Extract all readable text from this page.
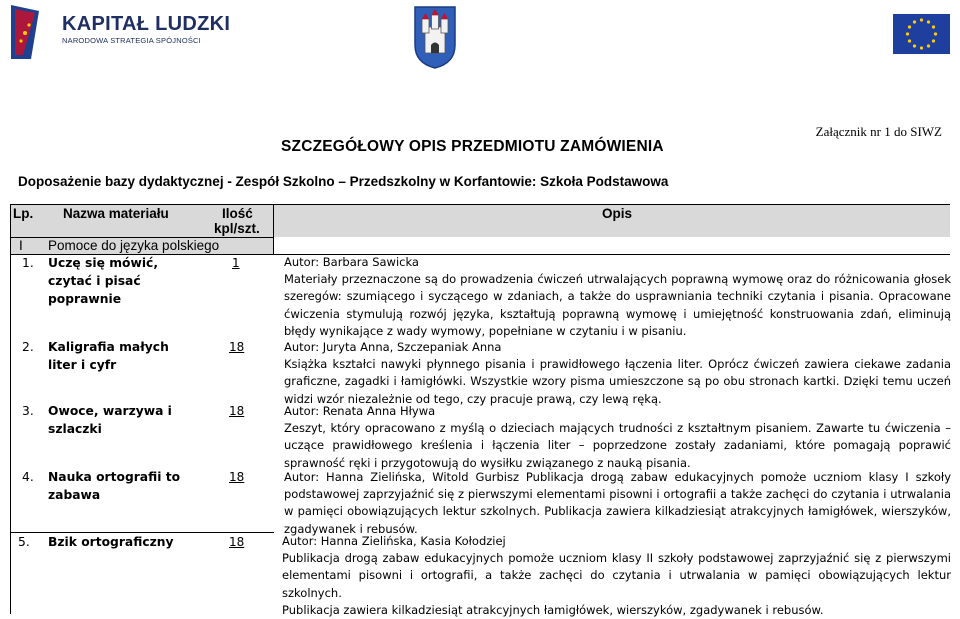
KAPITAŁ LUDZKI
NARODOWA STRATEGIA SPÓJNOŚCI
Załącznik nr 1 do SIWZ
SZCZEGÓŁOWY OPIS PRZEDMIOTU ZAMÓWIENIA
Doposażenie bazy dydaktycznej - Zespół Szkolno – Przedszkolny w Korfantowie: Szkoła Podstawowa
Lp. Nazwa materiału	Ilość
kpl/szt.
Opis
I Pomoce do języka polskiego
1. Uczę się mówić,
czytać i pisać
poprawnie
1	Autor: Barbara Sawicka

Materiały przeznaczone są do prowadzenia ćwiczeń utrwalających poprawną wymowę oraz do różnicowania głosek szeregów: szumiącego i syczącego w zdaniach, a także do usprawniania techniki czytania i pisania. Opracowane ćwiczenia stymulują rozwój języka, kształtują poprawną wymowę i umiejętność konstruowania zdań, eliminują błędy wynikające z wady wymowy, popełniane w czytaniu i w pisaniu.

2. Kaligrafia małych
liter i cyfr
18	Autor: Juryta Anna, Szczepaniak Anna

Książka kształci nawyki płynnego pisania i prawidłowego łączenia liter. Oprócz ćwiczeń zawiera ciekawe zadania graficzne, zagadki i łamigłówki. Wszystkie wzory pisma umieszczone są po obu stronach kartki. Dzięki temu uczeń widzi wzór niezależnie od tego, czy pracuje prawą, czy lewą ręką.

3. Owoce, warzywa i
szlaczki
18	Autor: Renata Anna Hływa

Zeszyt, który opracowano z myślą o dzieciach mających trudności z kształtnym pisaniem. Zawarte tu ćwiczenia – uczące prawidłowego kreślenia i łączenia liter – poprzedzone zostały zadaniami, które pomagają poprawić sprawność ręki i przygotowują do wysiłku związanego z nauką pisania.

4. Nauka ortografii to
zabawa
18	Autor: Hanna Zielińska, Witold Gurbisz Publikacja drogą zabaw edukacyjnych pomoże uczniom klasy I szkoły podstawowej zaprzyjaźnić się z pierwszymi elementami pisowni i ortografii a także zachęci do czytania i utrwalania w pamięci obowiązujących lektur szkolnych. Publikacja zawiera kilkadziesiąt atrakcyjnych łamigłówek, wierszyków, zgadywanek i rebusów.

5. Bzik ortograficzny	18	Autor: Hanna Zielińska, Kasia Kołodziej

Publikacja drogą zabaw edukacyjnych pomoże uczniom klasy II szkoły podstawowej zaprzyjaźnić się z pierwszymi elementami pisowni i ortografii, a także zachęci do czytania i utrwalania w pamięci obowiązujących lektur szkolnych.

Publikacja zawiera kilkadziesiąt atrakcyjnych łamigłówek, wierszyków, zgadywanek i rebusów.
